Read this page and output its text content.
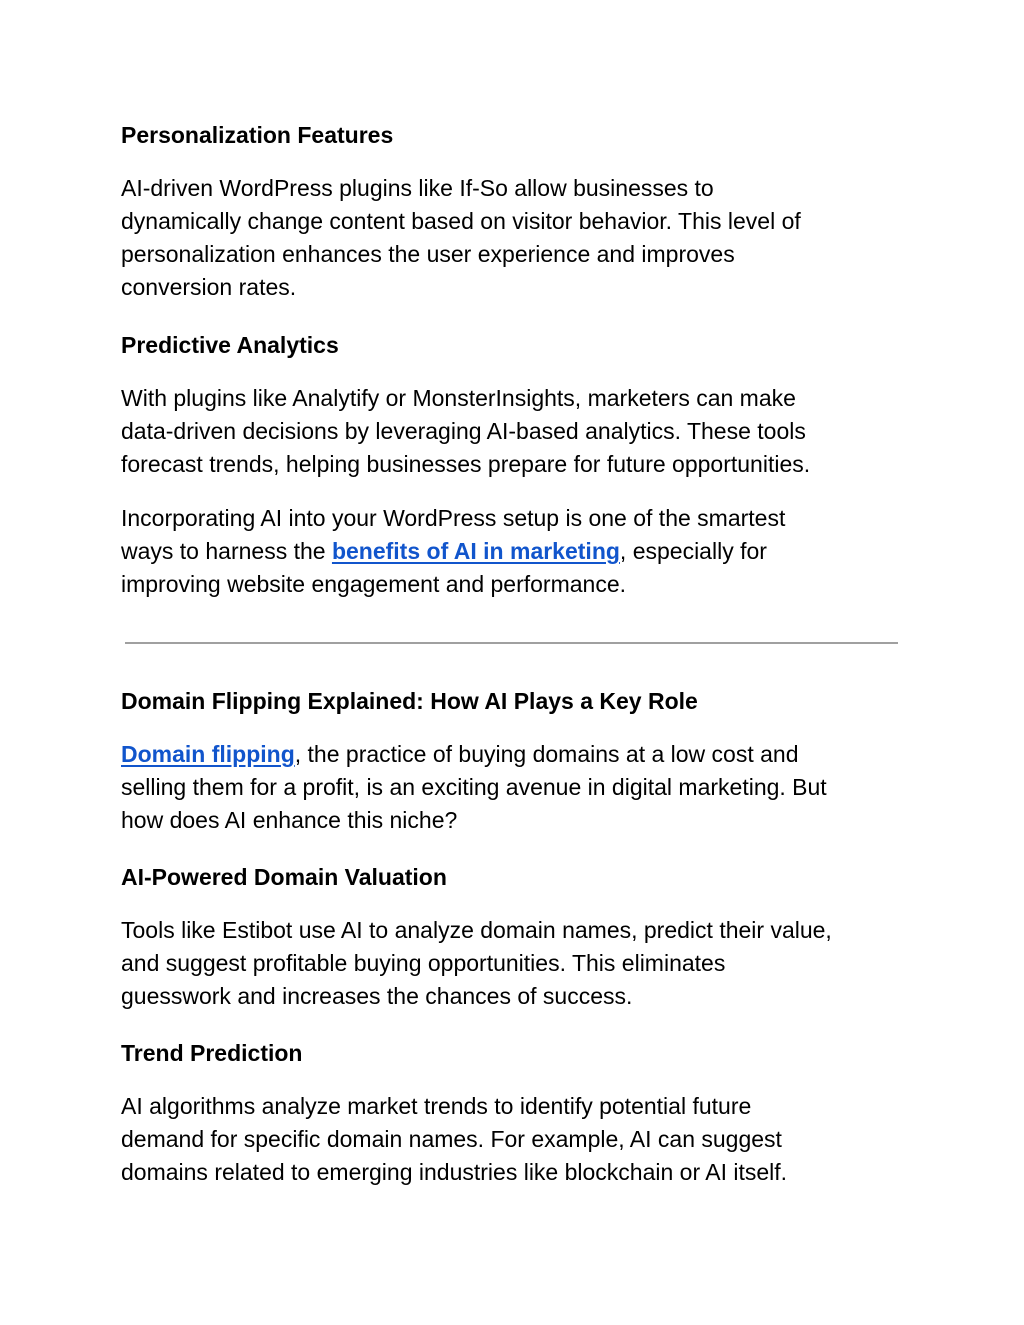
Personalization Features

AI-driven WordPress plugins like If-So allow businesses to
dynamically change content based on visitor behavior. This level of
personalization enhances the user experience and improves
conversion rates.

Predictive Analytics

With plugins like Analytify or MonsterInsights, marketers can make
data-driven decisions by leveraging AI-based analytics. These tools
forecast trends, helping businesses prepare for future opportunities.

Incorporating AI into your WordPress setup is one of the smartest
ways to harness the benefits of AI in marketing, especially for
improving website engagement and performance.

Domain Flipping Explained: How AI Plays a Key Role

Domain flipping, the practice of buying domains at a low cost and
selling them for a profit, is an exciting avenue in digital marketing. But
how does AI enhance this niche?

AI-Powered Domain Valuation

Tools like Estibot use AI to analyze domain names, predict their value,
and suggest profitable buying opportunities. This eliminates
guesswork and increases the chances of success.

Trend Prediction

AI algorithms analyze market trends to identify potential future
demand for specific domain names. For example, AI can suggest
domains related to emerging industries like blockchain or AI itself.
